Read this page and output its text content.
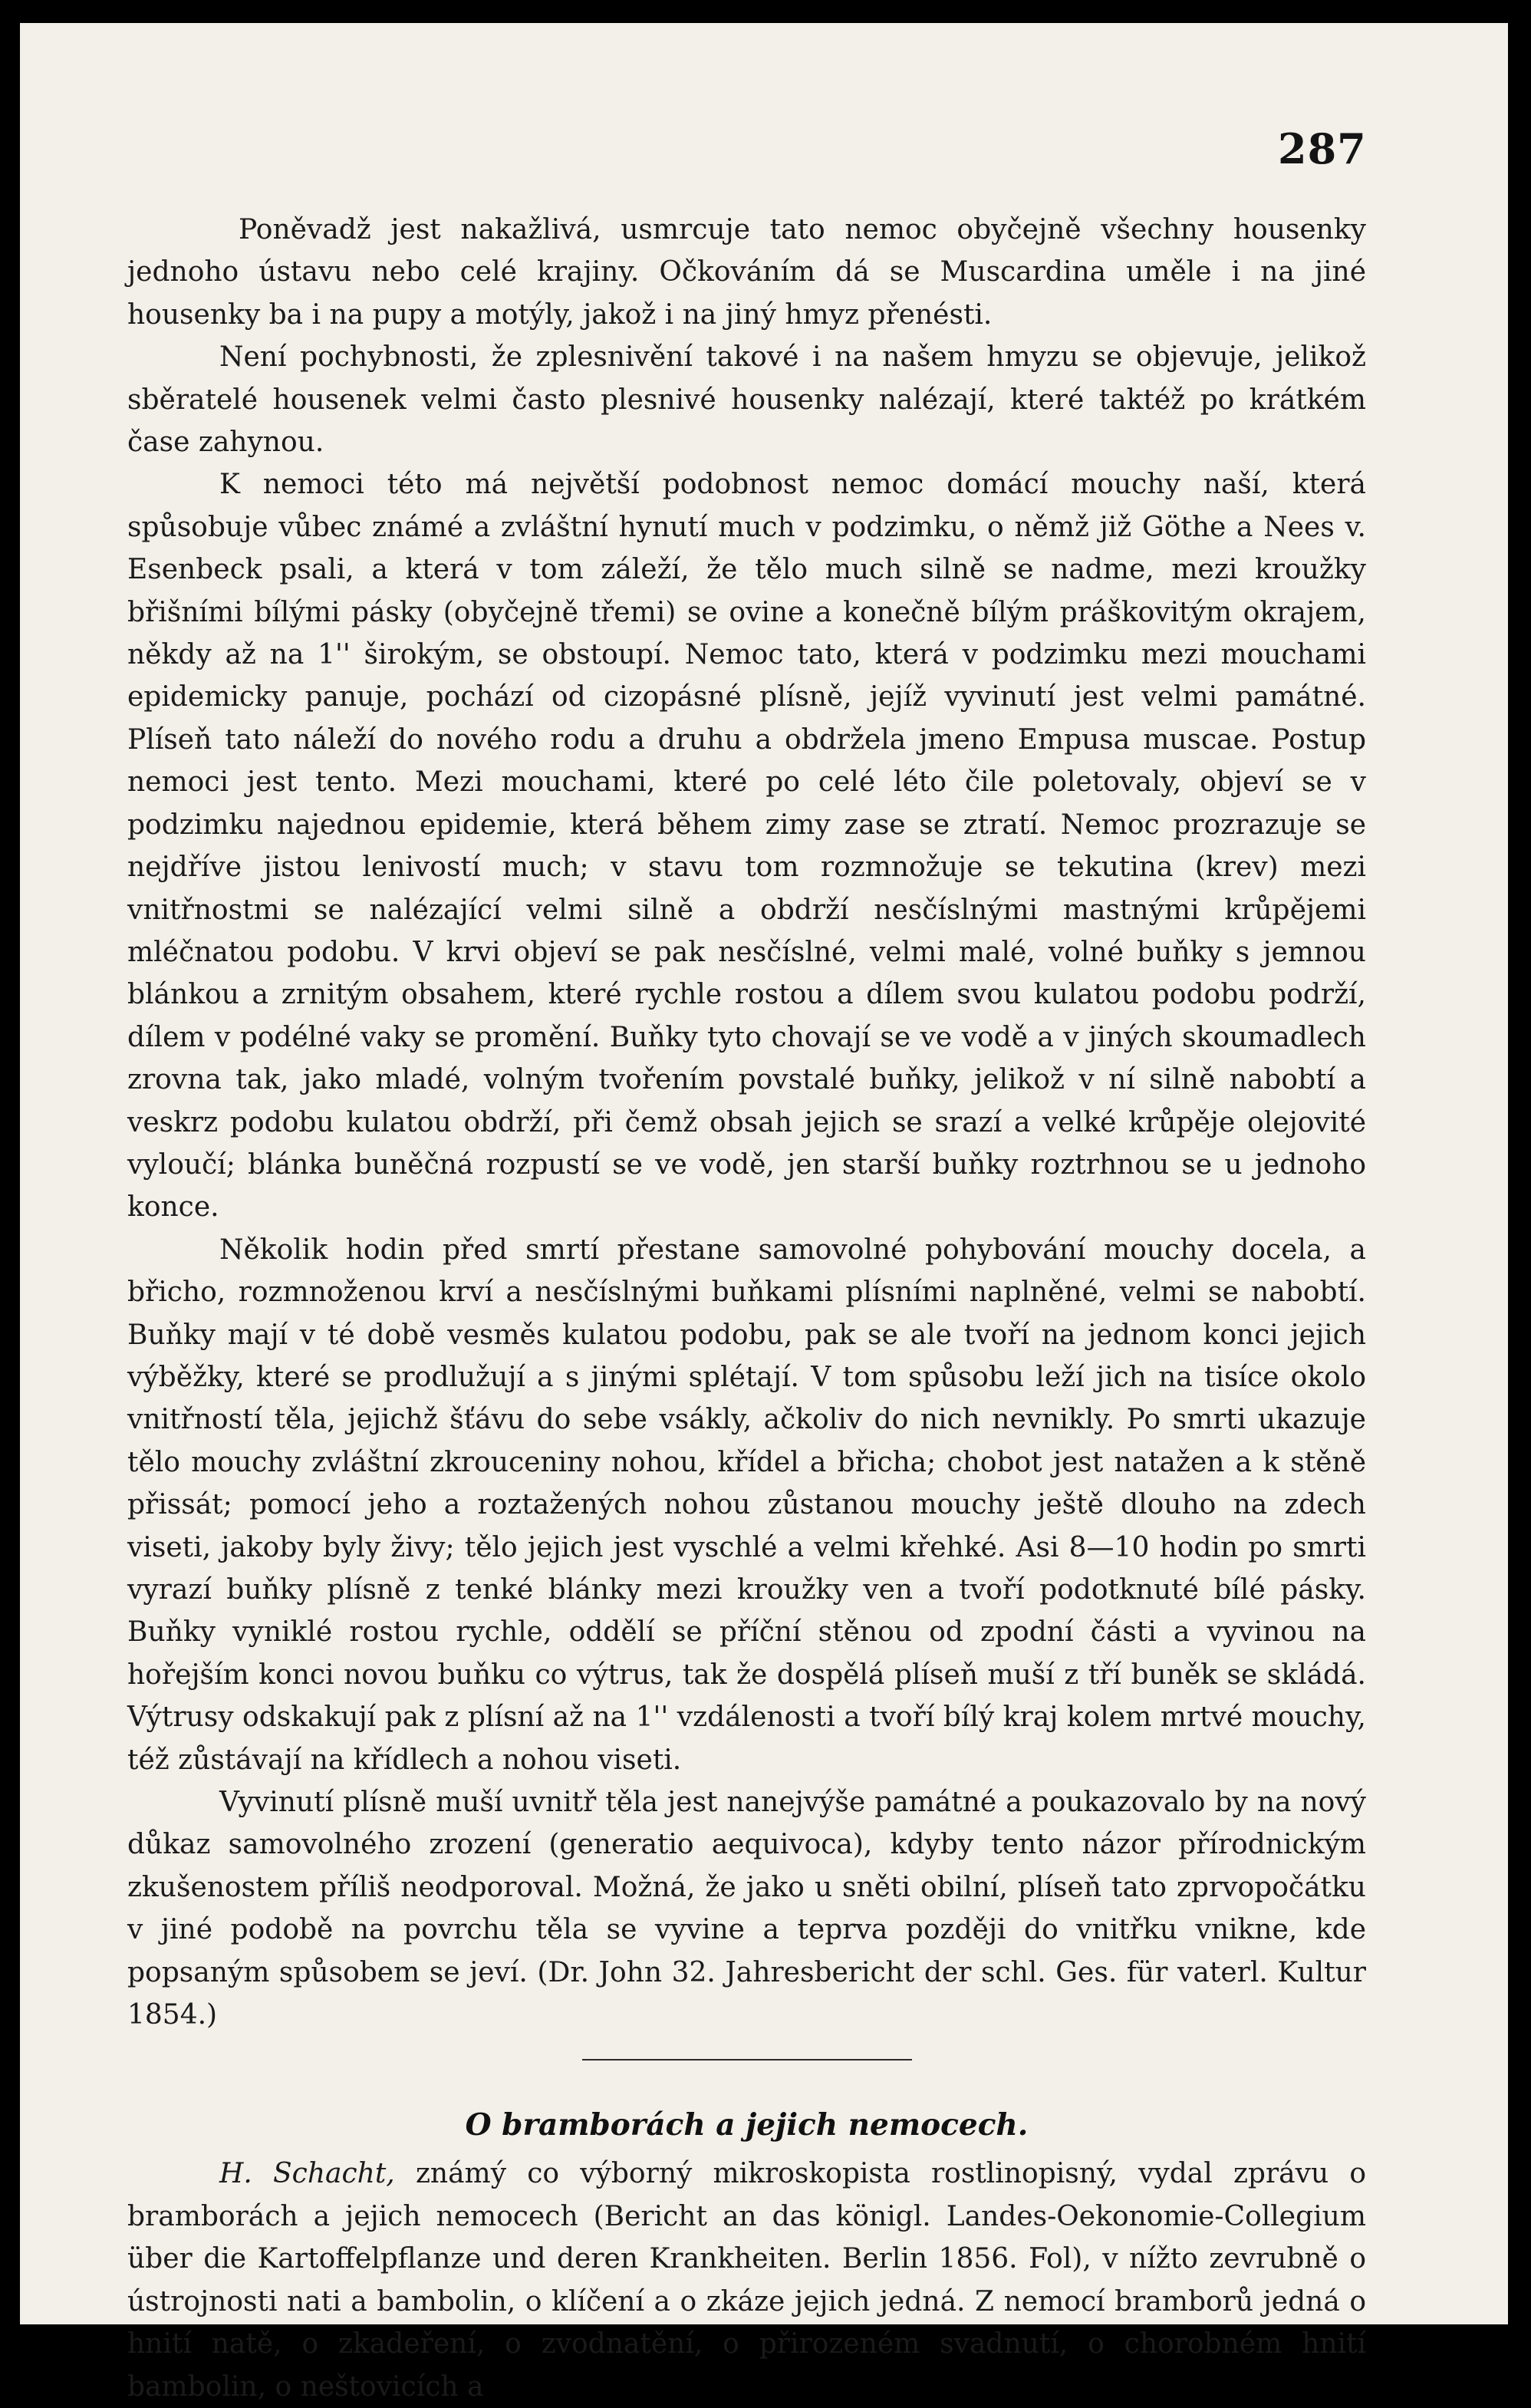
287

Poněvadž jest nakažlivá, usmrcuje tato nemoc obyčejně všechny housenky jednoho ústavu nebo celé krajiny. Očkováním dá se Muscardina uměle i na jiné housenky ba i na pupy a motýly, jakož i na jiný hmyz přenésti.

Není pochybnosti, že zplesnivění takové i na našem hmyzu se objevuje, jelikož sběratelé housenek velmi často plesnivé housenky nalézají, které taktéž po krátkém čase zahynou.

K nemoci této má největší podobnost nemoc domácí mouchy naší, která spůsobuje vůbec známé a zvláštní hynutí much v podzimku, o němž již Göthe a Nees v. Esenbeck psali, a která v tom záleží, že tělo much silně se nadme, mezi kroužky břišními bílými pásky (obyčejně třemi) se ovine a konečně bílým práškovitým okrajem, někdy až na 1'' širokým, se obstoupí. Nemoc tato, která v podzimku mezi mouchami epidemicky panuje, pochází od cizopásné plísně, jejíž vyvinutí jest velmi památné. Plíseň tato náleží do nového rodu a druhu a obdržela jmeno Empusa muscae. Postup nemoci jest tento. Mezi mouchami, které po celé léto čile poletovaly, objeví se v podzimku najednou epidemie, která během zimy zase se ztratí. Nemoc prozrazuje se nejdříve jistou lenivostí much; v stavu tom rozmnožuje se tekutina (krev) mezi vnitřnostmi se nalézající velmi silně a obdrží nesčíslnými mastnými krůpějemi mléčnatou podobu. V krvi objeví se pak nesčíslné, velmi malé, volné buňky s jemnou blánkou a zrnitým obsahem, které rychle rostou a dílem svou kulatou podobu podrží, dílem v podélné vaky se promění. Buňky tyto chovají se ve vodě a v jiných skoumadlech zrovna tak, jako mladé, volným tvořením povstalé buňky, jelikož v ní silně nabobtí a veskrz podobu kulatou obdrží, při čemž obsah jejich se srazí a velké krůpěje olejovité vyloučí; blánka buněčná rozpustí se ve vodě, jen starší buňky roztrhnou se u jednoho konce.

Několik hodin před smrtí přestane samovolné pohybování mouchy docela, a břicho, rozmnoženou krví a nesčíslnými buňkami plísními naplněné, velmi se nabobtí. Buňky mají v té době vesměs kulatou podobu, pak se ale tvoří na jednom konci jejich výběžky, které se prodlužují a s jinými splétají. V tom spůsobu leží jich na tisíce okolo vnitřností těla, jejichž šťávu do sebe vsákly, ačkoliv do nich nevnikly. Po smrti ukazuje tělo mouchy zvláštní zkrouceniny nohou, křídel a břicha; chobot jest natažen a k stěně přissát; pomocí jeho a roztažených nohou zůstanou mouchy ještě dlouho na zdech viseti, jakoby byly živy; tělo jejich jest vyschlé a velmi křehké. Asi 8—10 hodin po smrti vyrazí buňky plísně z tenké blánky mezi kroužky ven a tvoří podotknuté bílé pásky. Buňky vyniklé rostou rychle, oddělí se příční stěnou od zpodní části a vyvinou na hořejším konci novou buňku co výtrus, tak že dospělá plíseň muší z tří buněk se skládá. Výtrusy odskakují pak z plísní až na 1'' vzdálenosti a tvoří bílý kraj kolem mrtvé mouchy, též zůstávají na křídlech a nohou viseti.

Vyvinutí plísně muší uvnitř těla jest nanejvýše památné a poukazovalo by na nový důkaz samovolného zrození (generatio aequivoca), kdyby tento názor přírodnickým zkušenostem příliš neodporoval. Možná, že jako u sněti obilní, plíseň tato zprvopočátku v jiné podobě na povrchu těla se vyvine a teprva později do vnitřku vnikne, kde popsaným spůsobem se jeví. (Dr. John 32. Jahresbericht der schl. Ges. für vaterl. Kultur 1854.)

O bramborách a jejich nemocech.

H. Schacht, známý co výborný mikroskopista rostlinopisný, vydal zprávu o bramborách a jejich nemocech (Bericht an das königl. Landes-Oekonomie-Collegium über die Kartoffelpflanze und deren Krankheiten. Berlin 1856. Fol), v nížto zevrubně o ústrojnosti nati a bambolin, o klíčení a o zkáze jejich jedná. Z nemocí bramborů jedná o hnití natě, o zkadeření, o zvodnatění, o přirozeném svadnutí, o chorobném hnití bambolin, o neštovicích a
